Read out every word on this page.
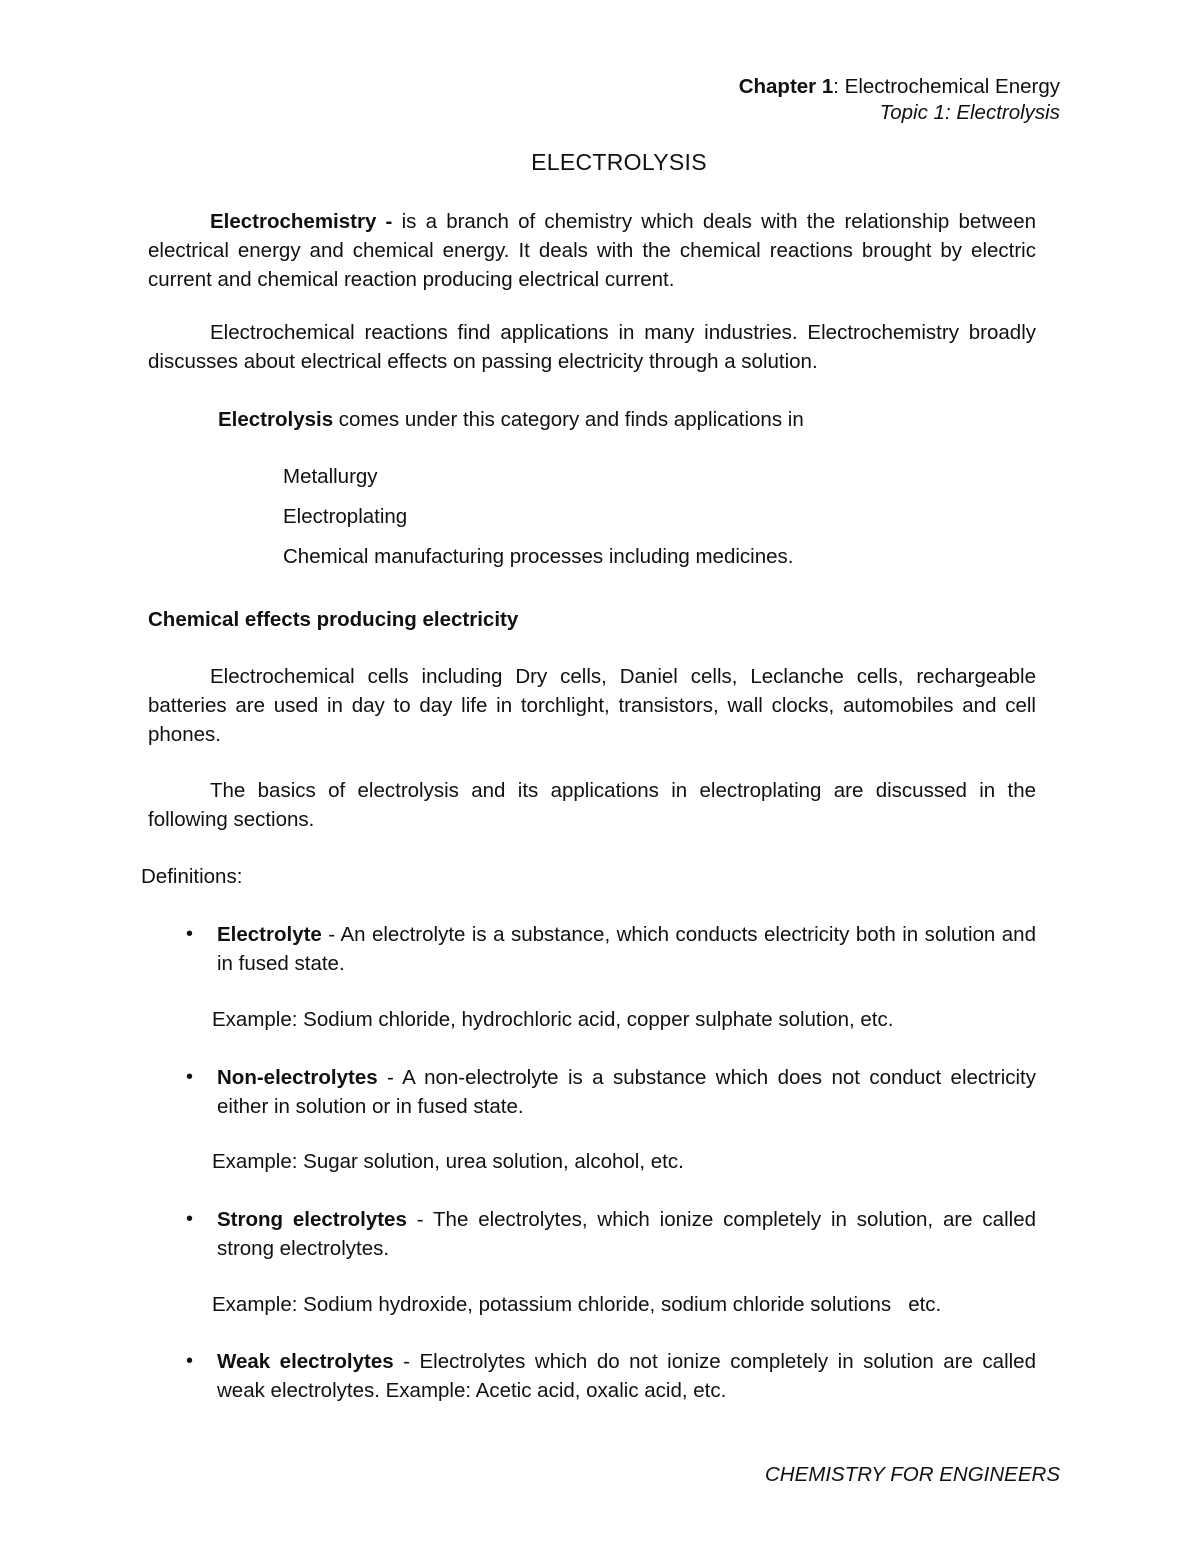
Chapter 1: Electrochemical Energy
Topic 1: Electrolysis
ELECTROLYSIS

Electrochemistry - is a branch of chemistry which deals with the relationship between electrical energy and chemical energy. It deals with the chemical reactions brought by electric current and chemical reaction producing electrical current.

Electrochemical reactions find applications in many industries. Electrochemistry broadly discusses about electrical effects on passing electricity through a solution.

Electrolysis comes under this category and finds applications in

Metallurgy
Electroplating
Chemical manufacturing processes including medicines.
Chemical effects producing electricity

Electrochemical cells including Dry cells, Daniel cells, Leclanche cells, rechargeable batteries are used in day to day life in torchlight, transistors, wall clocks, automobiles and cell phones.

The basics of electrolysis and its applications in electroplating are discussed in the following sections.

Definitions:
• Electrolyte - An electrolyte is a substance, which conducts electricity both in solution and in fused state.
Example: Sodium chloride, hydrochloric acid, copper sulphate solution, etc.
• Non-electrolytes - A non-electrolyte is a substance which does not conduct electricity either in solution or in fused state.
Example: Sugar solution, urea solution, alcohol, etc.
• Strong electrolytes - The electrolytes, which ionize completely in solution, are called strong electrolytes.
Example: Sodium hydroxide, potassium chloride, sodium chloride solutions   etc.
• Weak electrolytes - Electrolytes which do not ionize completely in solution are called weak electrolytes. Example: Acetic acid, oxalic acid, etc.
CHEMISTRY FOR ENGINEERS
